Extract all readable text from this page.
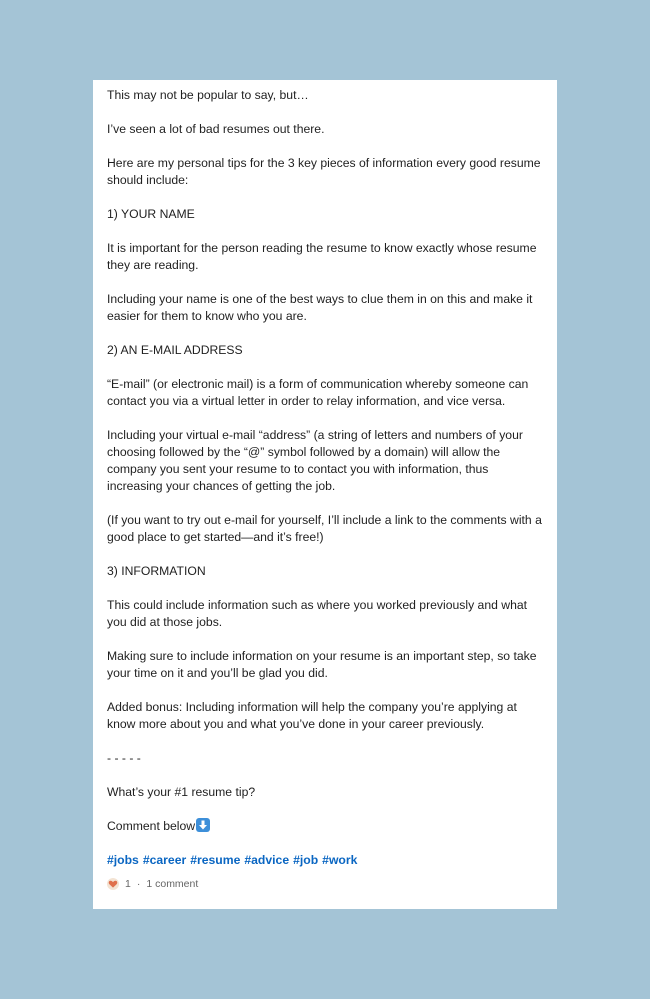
This may not be popular to say, but…
I’ve seen a lot of bad resumes out there.
Here are my personal tips for the 3 key pieces of information every good resume should include:
1) YOUR NAME
It is important for the person reading the resume to know exactly whose resume they are reading.
Including your name is one of the best ways to clue them in on this and make it easier for them to know who you are.
2) AN E-MAIL ADDRESS
“E-mail” (or electronic mail) is a form of communication whereby someone can contact you via a virtual letter in order to relay information, and vice versa.
Including your virtual e-mail “address” (a string of letters and numbers of your choosing followed by the “@” symbol followed by a domain) will allow the company you sent your resume to to contact you with information, thus increasing your chances of getting the job.
(If you want to try out e-mail for yourself, I’ll include a link to the comments with a good place to get started—and it’s free!)
3) INFORMATION
This could include information such as where you worked previously and what you did at those jobs.
Making sure to include information on your resume is an important step, so take your time on it and you’ll be glad you did.
Added bonus: Including information will help the company you’re applying at know more about you and what you’ve done in your career previously.
- - - - -
What’s your #1 resume tip?
Comment below
#jobs #career #resume #advice #job #work
1 · 1 comment
